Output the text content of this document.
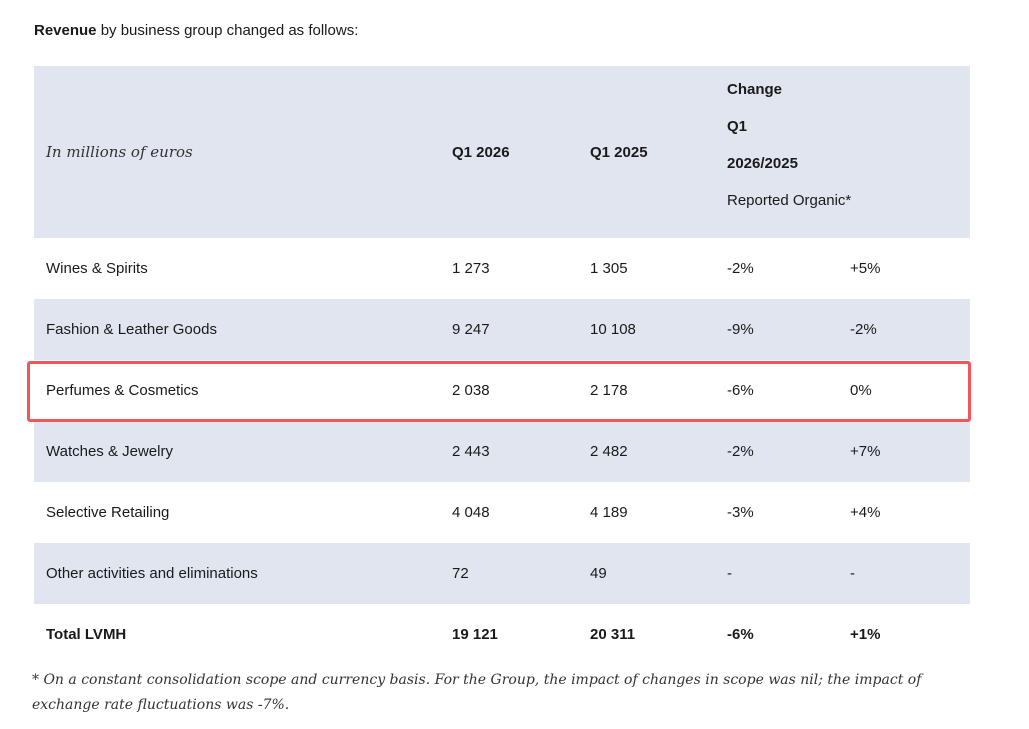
Revenue by business group changed as follows:
In millions of euros	Q1 2026	Q1 2025
Change
Q1
2026/2025
Reported Organic*
Wines & Spirits	1 273	1 305	-2%	+5%
Fashion & Leather Goods	9 247	10 108	-9%	-2%
Perfumes & Cosmetics	2 038	2 178	-6%	0%
Watches & Jewelry	2 443	2 482	-2%	+7%
Selective Retailing	4 048	4 189	-3%	+4%
Other activities and eliminations	72	49	-	-
Total LVMH	19 121	20 311	-6%	+1%
* On a constant consolidation scope and currency basis. For the Group, the impact of changes in scope was nil; the impact of exchange rate fluctuations was -7%.
